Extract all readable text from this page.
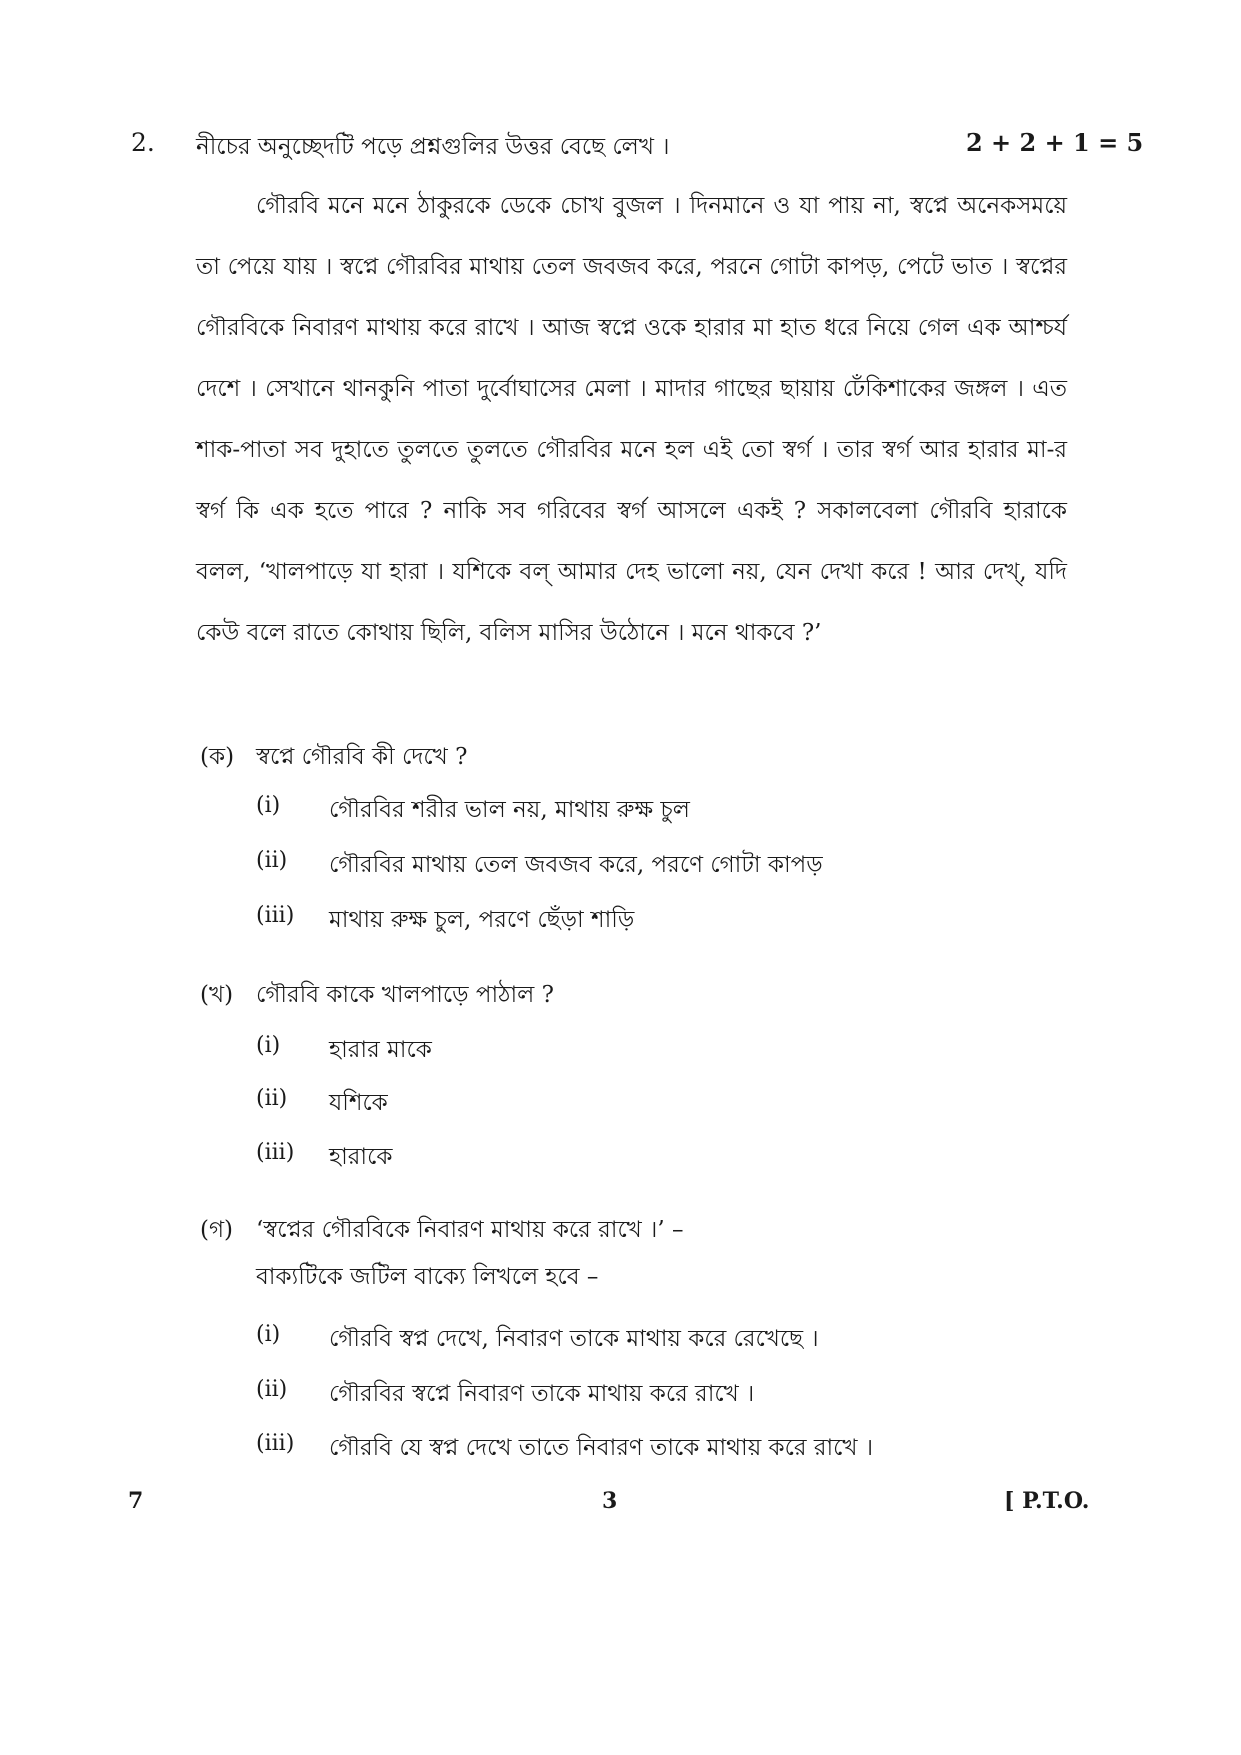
2. নীচের অনুচ্ছেদটি পড়ে প্রশ্নগুলির উত্তর বেছে লেখ ।	2 + 2 + 1 = 5

গৌরবি মনে মনে ঠাকুরকে ডেকে চোখ বুজল । দিনমানে ও যা পায় না, স্বপ্নে অনেকসময়ে তা পেয়ে যায় । স্বপ্নে গৌরবির মাথায় তেল জবজব করে, পরনে গোটা কাপড়, পেটে ভাত । স্বপ্নের গৌরবিকে নিবারণ মাথায় করে রাখে । আজ স্বপ্নে ওকে হারার মা হাত ধরে নিয়ে গেল এক আশ্চর্য দেশে । সেখানে থানকুনি পাতা দুর্বোঘাসের মেলা । মাদার গাছের ছায়ায় ঢেঁকিশাকের জঙ্গল । এত শাক-পাতা সব দুহাতে তুলতে তুলতে গৌরবির মনে হল এই তো স্বর্গ । তার স্বর্গ আর হারার মা-র স্বর্গ কি এক হতে পারে ? নাকি সব গরিবের স্বর্গ আসলে একই ? সকালবেলা গৌরবি হারাকে বলল, ‘খালপাড়ে যা হারা । যশিকে বল্ আমার দেহ ভালো নয়, যেন দেখা করে ! আর দেখ্, যদি কেউ বলে রাতে কোথায় ছিলি, বলিস মাসির উঠোনে । মনে থাকবে ?’

(ক) স্বপ্নে গৌরবি কী দেখে ?
(i) গৌরবির শরীর ভাল নয়, মাথায় রুক্ষ চুল
(ii) গৌরবির মাথায় তেল জবজব করে, পরণে গোটা কাপড়
(iii) মাথায় রুক্ষ চুল, পরণে ছেঁড়া শাড়ি
(খ) গৌরবি কাকে খালপাড়ে পাঠাল ?
(i) হারার মাকে
(ii) যশিকে
(iii) হারাকে
(গ) ‘স্বপ্নের গৌরবিকে নিবারণ মাথায় করে রাখে ।’ –
বাক্যটিকে জটিল বাক্যে লিখলে হবে –
(i) গৌরবি স্বপ্ন দেখে, নিবারণ তাকে মাথায় করে রেখেছে ।
(ii) গৌরবির স্বপ্নে নিবারণ তাকে মাথায় করে রাখে ।
(iii) গৌরবি যে স্বপ্ন দেখে তাতে নিবারণ তাকে মাথায় করে রাখে ।
7	3	[ P.T.O.
